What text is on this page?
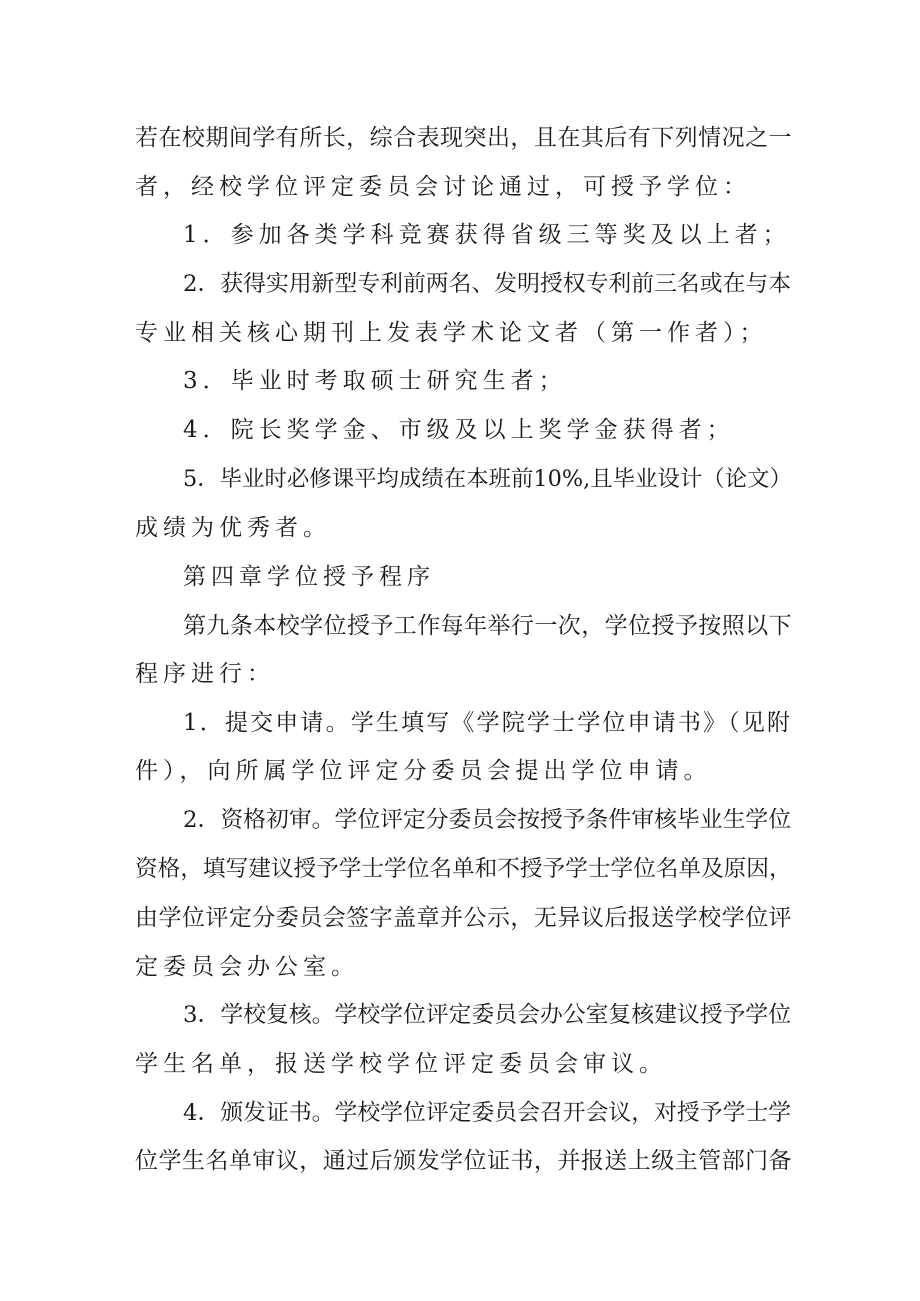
若在校期间学有所长，综合表现突出，且在其后有下列情况之一
者，经校学位评定委员会讨论通过，可授予学位：
1．参加各类学科竞赛获得省级三等奖及以上者；
2．获得实用新型专利前两名、发明授权专利前三名或在与本
专业相关核心期刊上发表学术论文者（第一作者）；
3．毕业时考取硕士研究生者；
4．院长奖学金、市级及以上奖学金获得者；
5．毕业时必修课平均成绩在本班前10%,且毕业设计（论文）
成绩为优秀者。
第四章学位授予程序
第九条本校学位授予工作每年举行一次，学位授予按照以下
程序进行：
1．提交申请。学生填写《学院学士学位申请书》（见附
件），向所属学位评定分委员会提出学位申请。
2．资格初审。学位评定分委员会按授予条件审核毕业生学位
资格，填写建议授予学士学位名单和不授予学士学位名单及原因，
由学位评定分委员会签字盖章并公示，无异议后报送学校学位评
定委员会办公室。
3．学校复核。学校学位评定委员会办公室复核建议授予学位
学生名单，报送学校学位评定委员会审议。
4．颁发证书。学校学位评定委员会召开会议，对授予学士学
位学生名单审议，通过后颁发学位证书，并报送上级主管部门备
